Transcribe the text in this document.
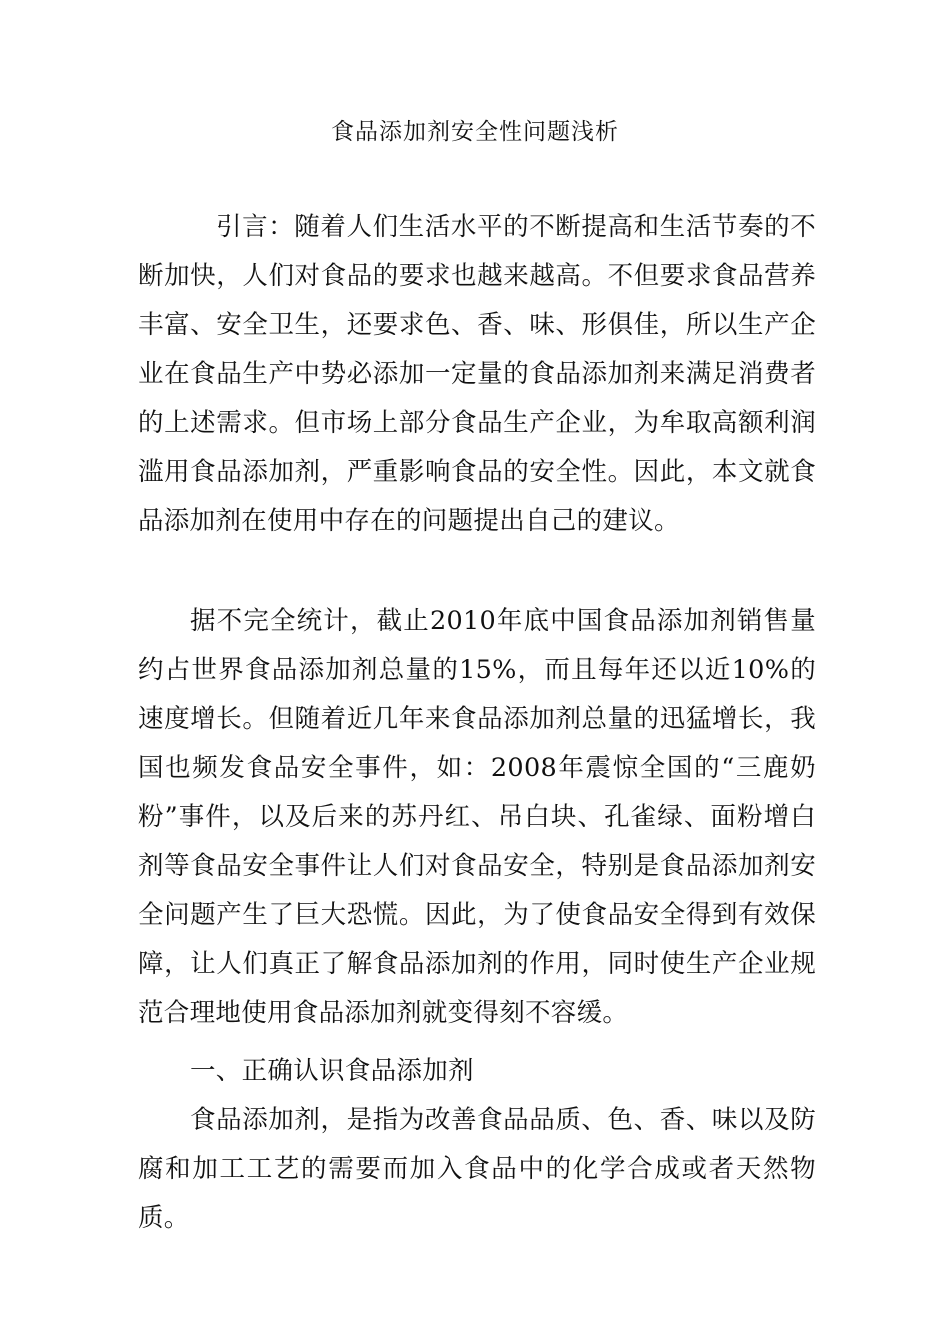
食品添加剂安全性问题浅析

引言：随着人们生活水平的不断提高和生活节奏的不断加快，人们对食品的要求也越来越高。不但要求食品营养丰富、安全卫生，还要求色、香、味、形俱佳，所以生产企业在食品生产中势必添加一定量的食品添加剂来满足消费者的上述需求。但市场上部分食品生产企业，为牟取高额利润滥用食品添加剂，严重影响食品的安全性。因此，本文就食品添加剂在使用中存在的问题提出自己的建议。

据不完全统计，截止2010年底中国食品添加剂销售量约占世界食品添加剂总量的15%，而且每年还以近10%的速度增长。但随着近几年来食品添加剂总量的迅猛增长，我国也频发食品安全事件，如：2008年震惊全国的“三鹿奶粉”事件，以及后来的苏丹红、吊白块、孔雀绿、面粉增白剂等食品安全事件让人们对食品安全，特别是食品添加剂安全问题产生了巨大恐慌。因此，为了使食品安全得到有效保障，让人们真正了解食品添加剂的作用，同时使生产企业规范合理地使用食品添加剂就变得刻不容缓。

一、正确认识食品添加剂

食品添加剂，是指为改善食品品质、色、香、味以及防腐和加工工艺的需要而加入食品中的化学合成或者天然物质。
